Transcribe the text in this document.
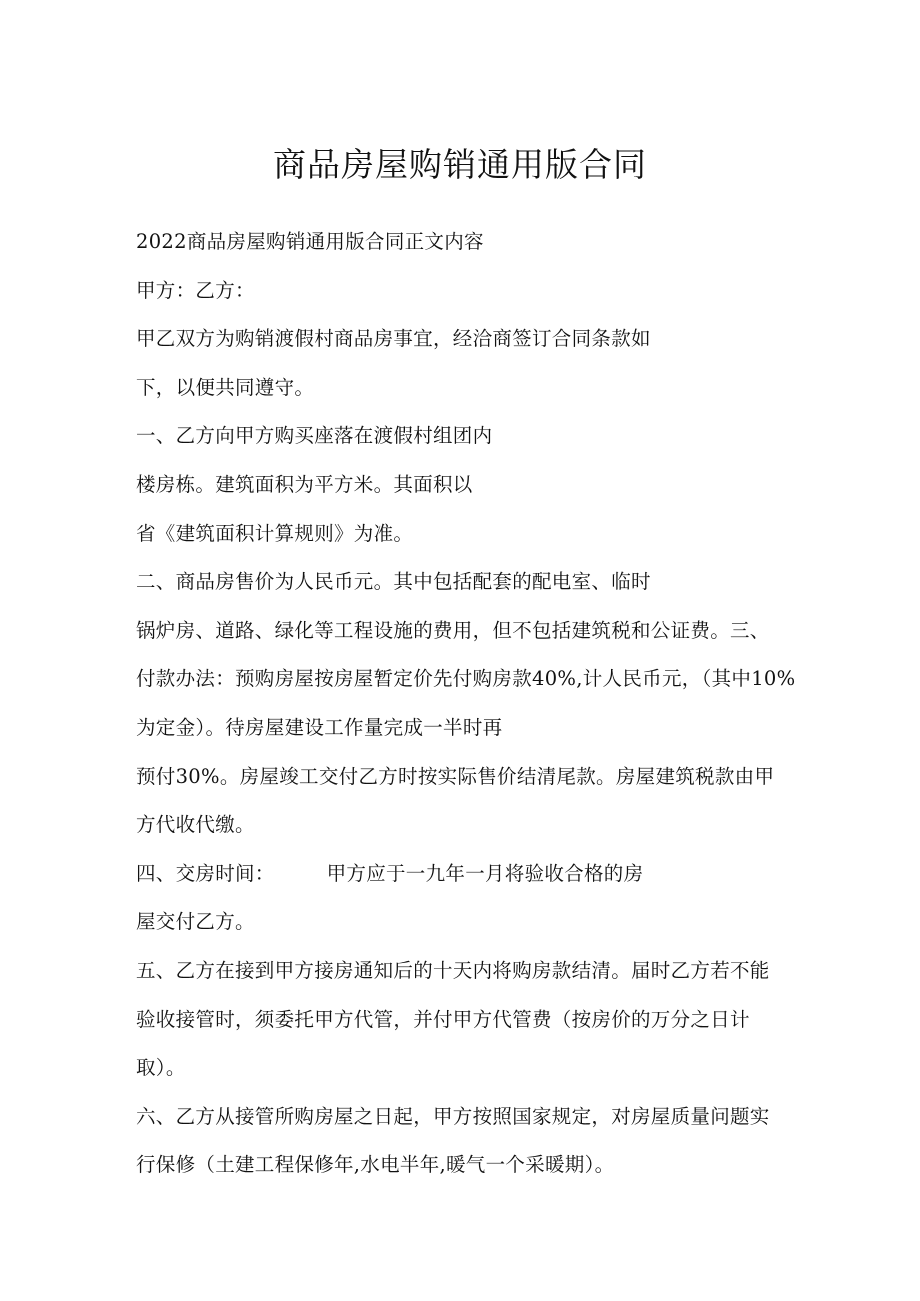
商品房屋购销通用版合同
2022商品房屋购销通用版合同正文内容
甲方：乙方：
甲乙双方为购销渡假村商品房事宜，经洽商签订合同条款如
下，以便共同遵守。
一、乙方向甲方购买座落在渡假村组团内
楼房栋。建筑面积为平方米。其面积以
省《建筑面积计算规则》为准。
二、商品房售价为人民币元。其中包括配套的配电室、临时
锅炉房、道路、绿化等工程设施的费用，但不包括建筑税和公证费。三、
付款办法：预购房屋按房屋暂定价先付购房款40%,计人民币元，（其中10%
为定金）。待房屋建设工作量完成一半时再
预付30%。房屋竣工交付乙方时按实际售价结清尾款。房屋建筑税款由甲
方代收代缴。
四、交房时间：        甲方应于一九年一月将验收合格的房
屋交付乙方。
五、乙方在接到甲方接房通知后的十天内将购房款结清。届时乙方若不能
验收接管时，须委托甲方代管，并付甲方代管费（按房价的万分之日计
取）。
六、乙方从接管所购房屋之日起，甲方按照国家规定，对房屋质量问题实
行保修（土建工程保修年,水电半年,暖气一个采暖期）。
